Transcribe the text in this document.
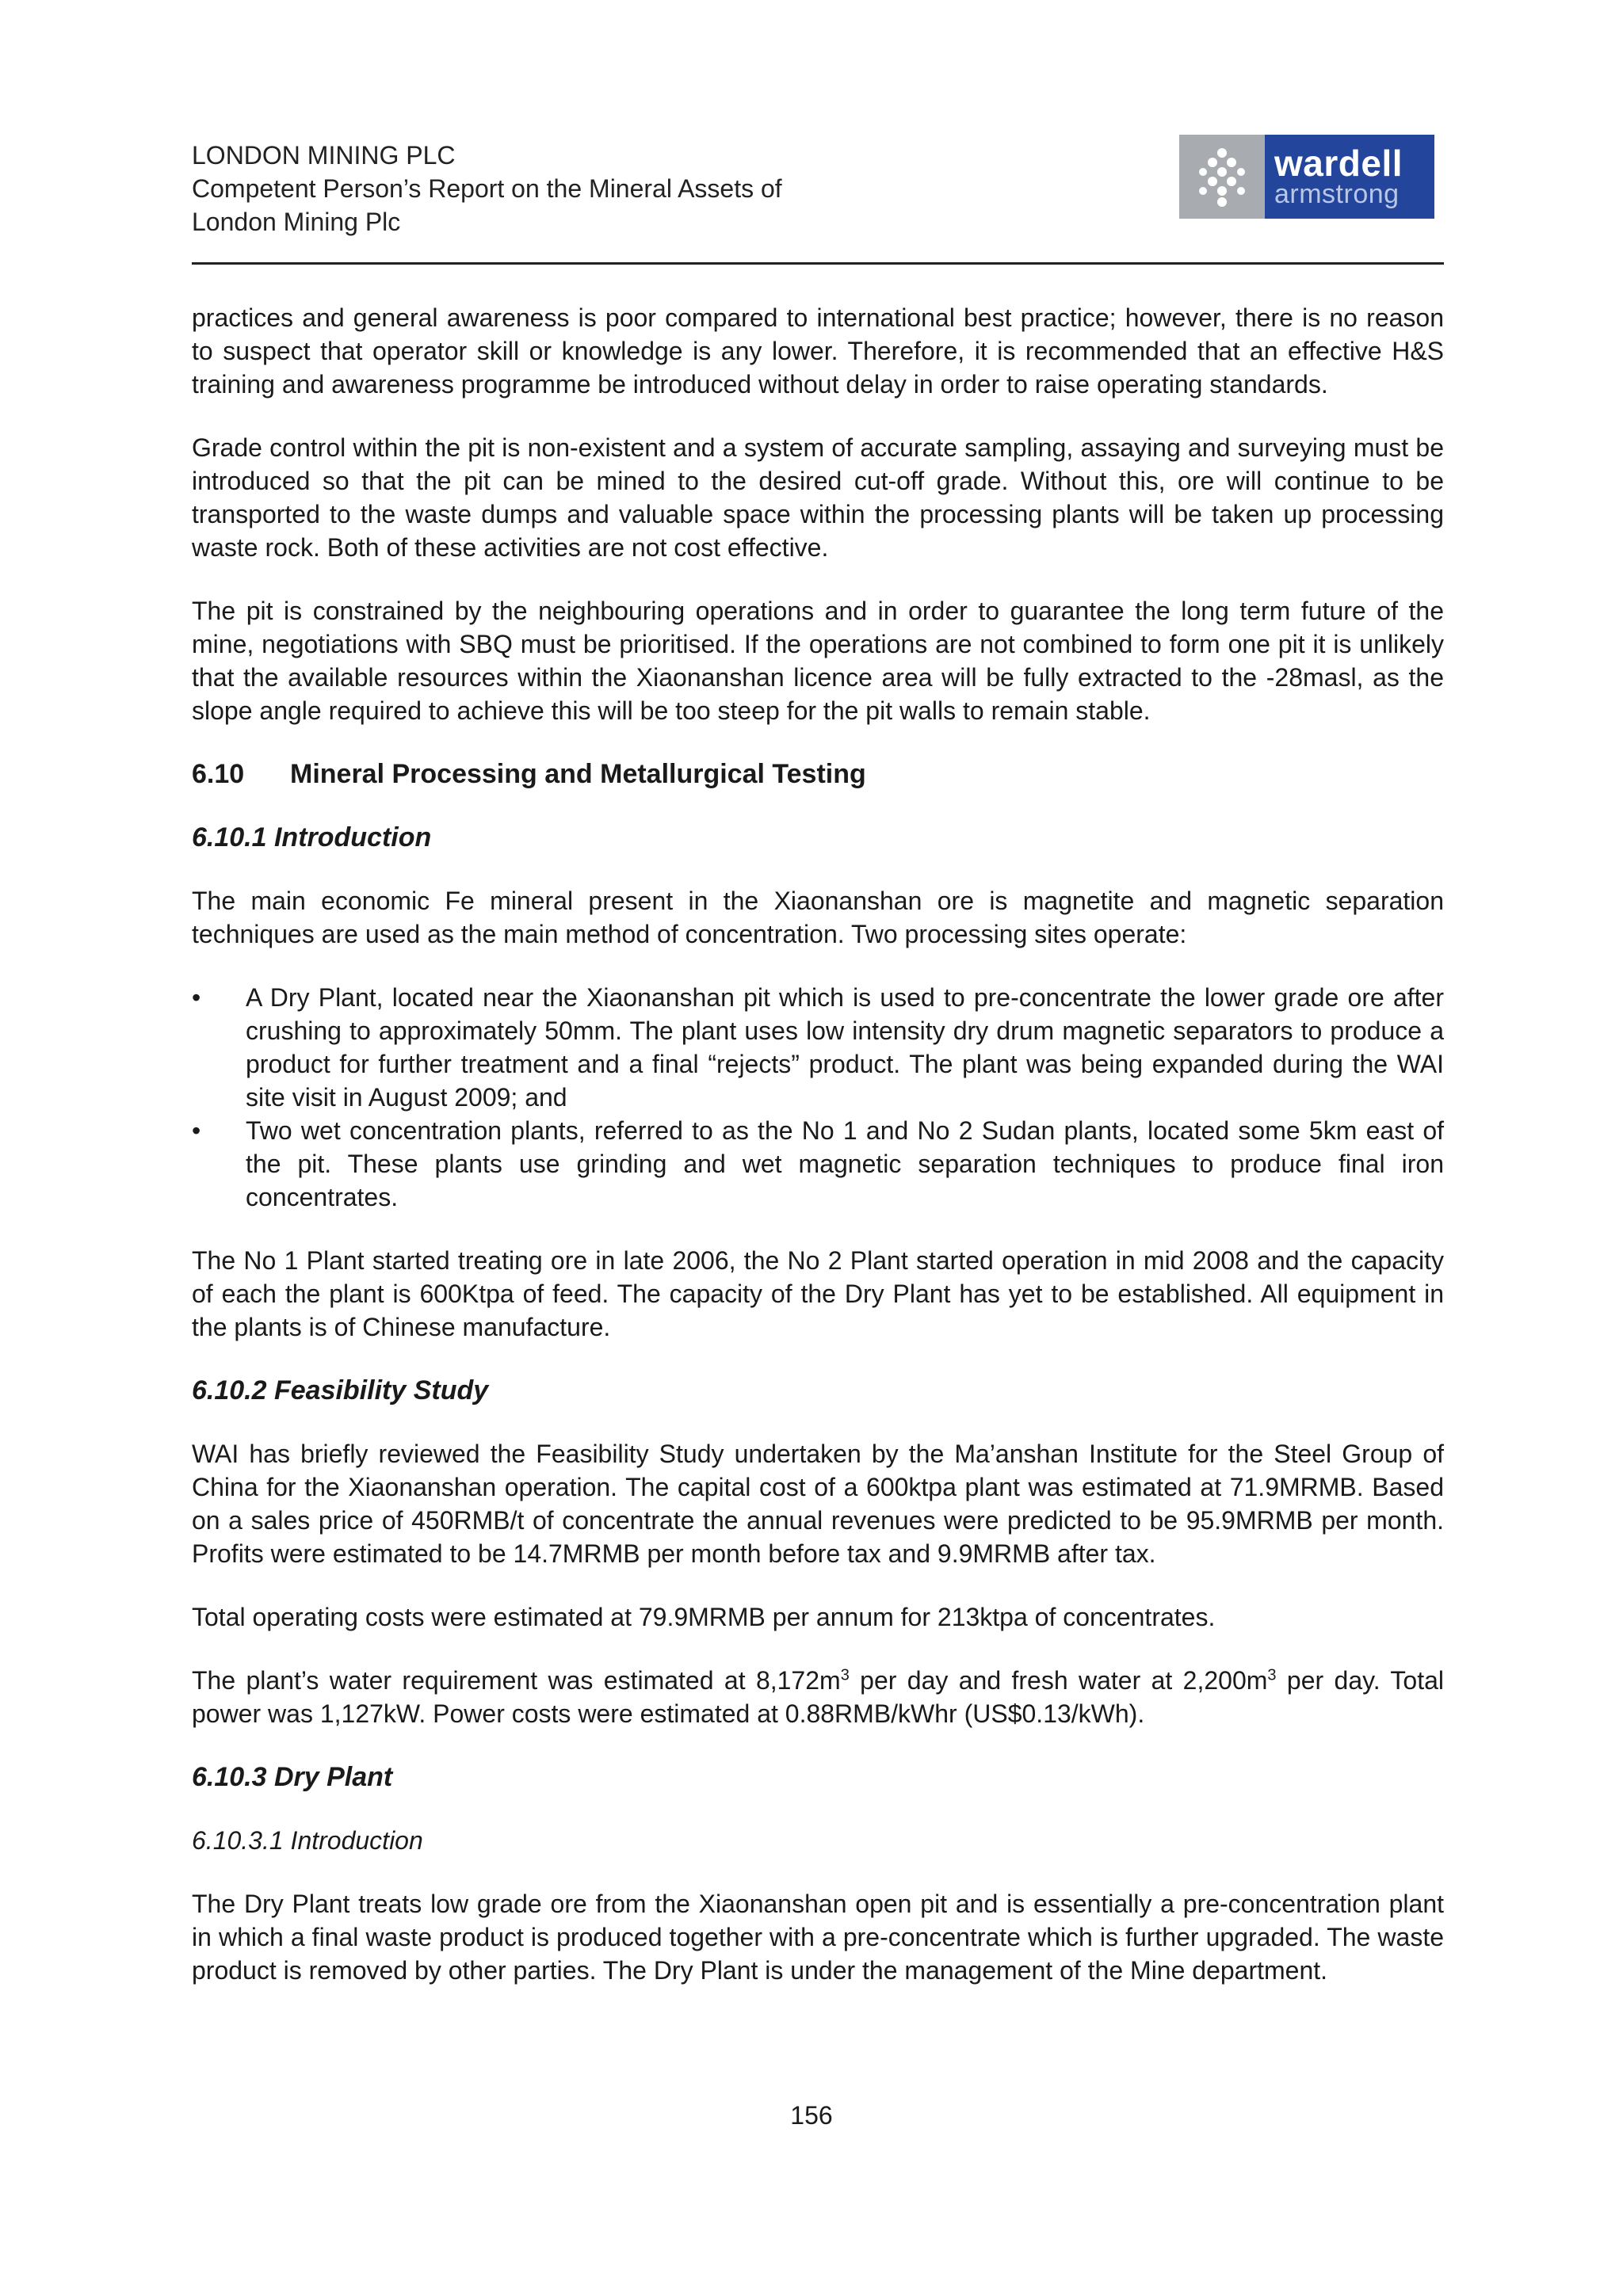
LONDON MINING PLC
Competent Person’s Report on the Mineral Assets of
London Mining Plc
wardell
armstrong

practices and general awareness is poor compared to international best practice; however, there is no reason to suspect that operator skill or knowledge is any lower. Therefore, it is recommended that an effective H&S training and awareness programme be introduced without delay in order to raise operating standards.

Grade control within the pit is non-existent and a system of accurate sampling, assaying and surveying must be introduced so that the pit can be mined to the desired cut-off grade. Without this, ore will continue to be transported to the waste dumps and valuable space within the processing plants will be taken up processing waste rock. Both of these activities are not cost effective.

The pit is constrained by the neighbouring operations and in order to guarantee the long term future of the mine, negotiations with SBQ must be prioritised. If the operations are not combined to form one pit it is unlikely that the available resources within the Xiaonanshan licence area will be fully extracted to the -28masl, as the slope angle required to achieve this will be too steep for the pit walls to remain stable.

6.10	Mineral Processing and Metallurgical Testing
6.10.1 Introduction

The main economic Fe mineral present in the Xiaonanshan ore is magnetite and magnetic separation techniques are used as the main method of concentration. Two processing sites operate:

• A Dry Plant, located near the Xiaonanshan pit which is used to pre-concentrate the lower grade ore after crushing to approximately 50mm. The plant uses low intensity dry drum magnetic separators to produce a product for further treatment and a final “rejects” product. The plant was being expanded during the WAI site visit in August 2009; and
• Two wet concentration plants, referred to as the No 1 and No 2 Sudan plants, located some 5km east of the pit. These plants use grinding and wet magnetic separation techniques to produce final iron concentrates.

The No 1 Plant started treating ore in late 2006, the No 2 Plant started operation in mid 2008 and the capacity of each the plant is 600Ktpa of feed. The capacity of the Dry Plant has yet to be established. All equipment in the plants is of Chinese manufacture.

6.10.2 Feasibility Study

WAI has briefly reviewed the Feasibility Study undertaken by the Ma’anshan Institute for the Steel Group of China for the Xiaonanshan operation. The capital cost of a 600ktpa plant was estimated at 71.9MRMB. Based on a sales price of 450RMB/t of concentrate the annual revenues were predicted to be 95.9MRMB per month. Profits were estimated to be 14.7MRMB per month before tax and 9.9MRMB after tax.

Total operating costs were estimated at 79.9MRMB per annum for 213ktpa of concentrates.

The plant’s water requirement was estimated at $8,172m^3$ per day and fresh water at $2,200m^3$ per day. Total power was 1,127kW. Power costs were estimated at 0.88RMB/kWhr (US$0.13/kWh).

6.10.3 Dry Plant
6.10.3.1 Introduction

The Dry Plant treats low grade ore from the Xiaonanshan open pit and is essentially a pre-concentration plant in which a final waste product is produced together with a pre-concentrate which is further upgraded. The waste product is removed by other parties. The Dry Plant is under the management of the Mine department.

156
